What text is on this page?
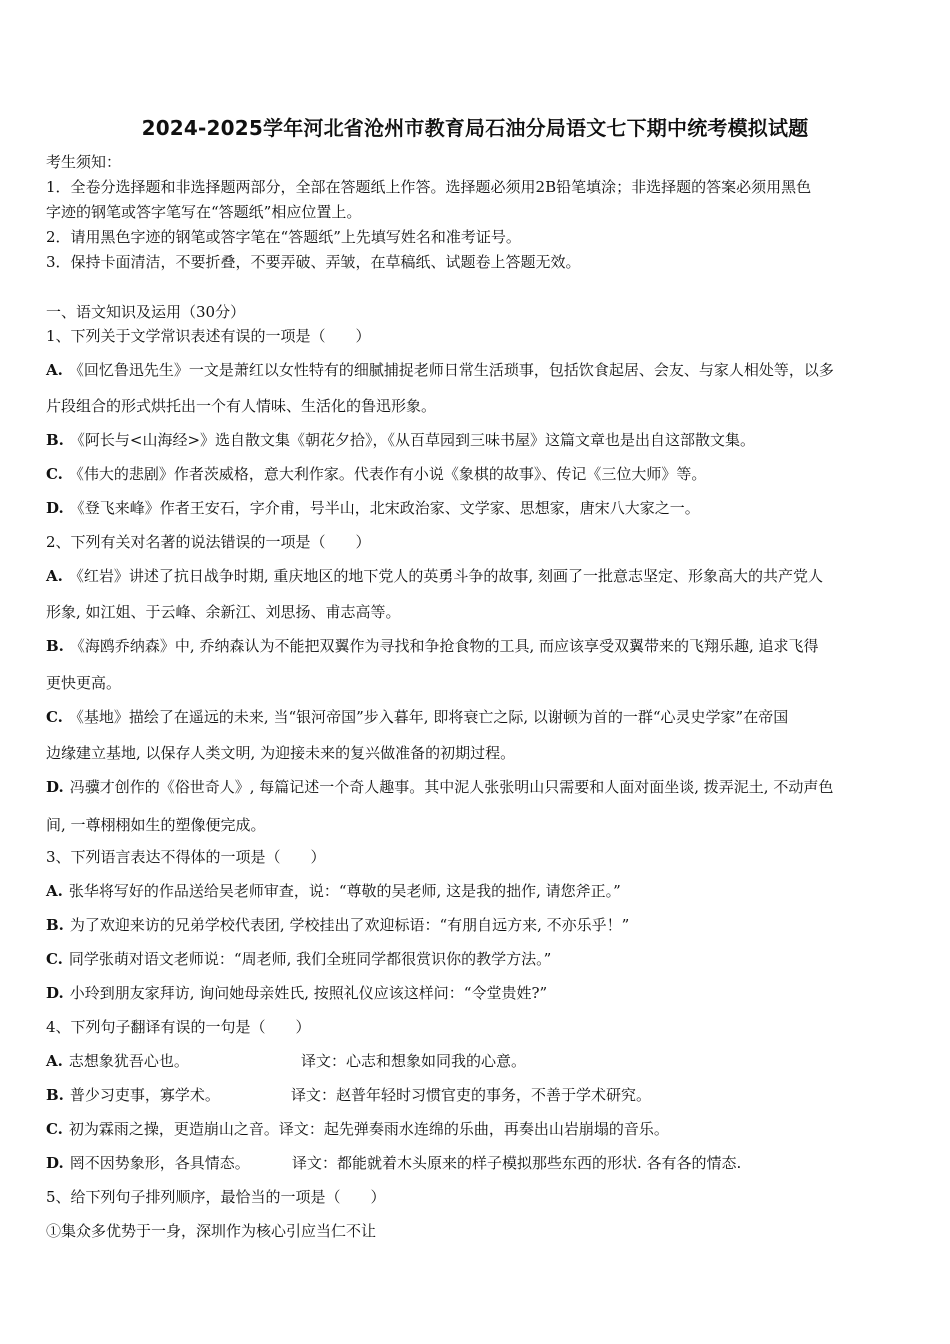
2024-2025学年河北省沧州市教育局石油分局语文七下期中统考模拟试题
考生须知：
1．全卷分选择题和非选择题两部分，全部在答题纸上作答。选择题必须用2B铅笔填涂；非选择题的答案必须用黑色
字迹的钢笔或答字笔写在“答题纸”相应位置上。
2．请用黑色字迹的钢笔或答字笔在“答题纸”上先填写姓名和准考证号。
3．保持卡面清洁，不要折叠，不要弄破、弄皱，在草稿纸、试题卷上答题无效。
一、语文知识及运用（30分）
1、下列关于文学常识表述有误的一项是（　　）
A. 《回忆鲁迅先生》一文是萧红以女性特有的细腻捕捉老师日常生活琐事，包括饮食起居、会友、与家人相处等，以多
片段组合的形式烘托出一个有人情味、生活化的鲁迅形象。
B. 《阿长与<山海经>》选自散文集《朝花夕拾》，《从百草园到三味书屋》这篇文章也是出自这部散文集。
C. 《伟大的悲剧》作者茨威格，意大利作家。代表作有小说《象棋的故事》、传记《三位大师》等。
D. 《登飞来峰》作者王安石，字介甫，号半山，北宋政治家、文学家、思想家，唐宋八大家之一。
2、下列有关对名著的说法错误的一项是（　　）
A. 《红岩》讲述了抗日战争时期, 重庆地区的地下党人的英勇斗争的故事, 刻画了一批意志坚定、形象高大的共产党人
形象, 如江姐、于云峰、余新江、刘思扬、甫志高等。
B. 《海鸥乔纳森》中, 乔纳森认为不能把双翼作为寻找和争抢食物的工具, 而应该享受双翼带来的飞翔乐趣, 追求飞得
更快更高。
C. 《基地》描绘了在遥远的未来, 当“银河帝国”步入暮年, 即将衰亡之际, 以谢顿为首的一群“心灵史学家”在帝国
边缘建立基地, 以保存人类文明, 为迎接未来的复兴做准备的初期过程。
D. 冯骥才创作的《俗世奇人》, 每篇记述一个奇人趣事。其中泥人张张明山只需要和人面对面坐谈, 拨弄泥土, 不动声色
间, 一尊栩栩如生的塑像便完成。
3、下列语言表达不得体的一项是（　　）
A. 张华将写好的作品送给吴老师审查，说：“尊敬的吴老师, 这是我的拙作, 请您斧正。”
B. 为了欢迎来访的兄弟学校代表团, 学校挂出了欢迎标语：“有朋自远方来, 不亦乐乎！”
C. 同学张萌对语文老师说：“周老师, 我们全班同学都很赏识你的教学方法。”
D. 小玲到朋友家拜访, 询问她母亲姓氏, 按照礼仪应该这样问：“令堂贵姓?”
4、下列句子翻译有误的一句是（　　）
A. 志想象犹吾心也。	译文：心志和想象如同我的心意。
B. 普少习吏事，寡学术。	译文：赵普年轻时习惯官吏的事务，不善于学术研究。
C. 初为霖雨之操，更造崩山之音。译文：起先弹奏雨水连绵的乐曲，再奏出山岩崩塌的音乐。
D. 罔不因势象形，各具情态。	译文：都能就着木头原来的样子模拟那些东西的形状. 各有各的情态.
5、给下列句子排列顺序，最恰当的一项是（　　）
①集众多优势于一身，深圳作为核心引应当仁不让
